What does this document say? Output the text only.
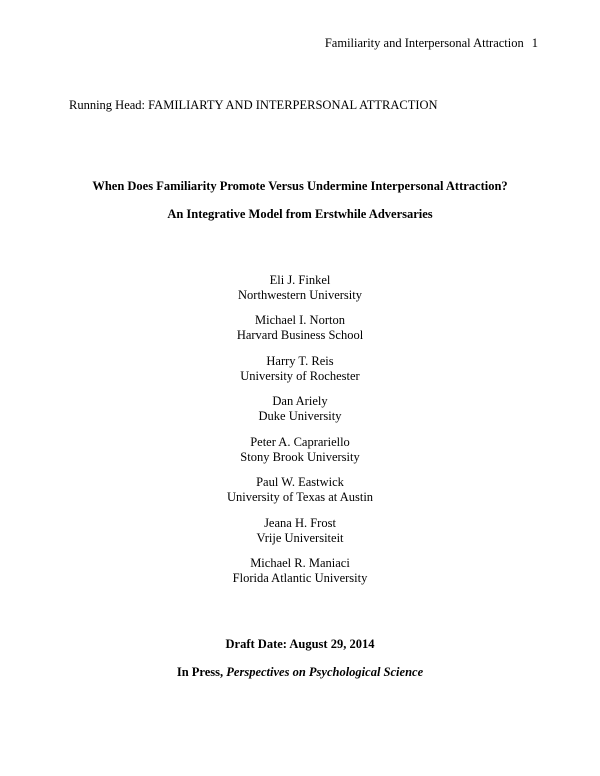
Familiarity and Interpersonal Attraction 1
Running Head: FAMILIARTY AND INTERPERSONAL ATTRACTION
When Does Familiarity Promote Versus Undermine Interpersonal Attraction?
An Integrative Model from Erstwhile Adversaries
Eli J. Finkel
Northwestern University
Michael I. Norton
Harvard Business School
Harry T. Reis
University of Rochester
Dan Ariely
Duke University
Peter A. Caprariello
Stony Brook University
Paul W. Eastwick
University of Texas at Austin
Jeana H. Frost
Vrije Universiteit
Michael R. Maniaci
Florida Atlantic University
Draft Date: August 29, 2014
In Press, Perspectives on Psychological Science
